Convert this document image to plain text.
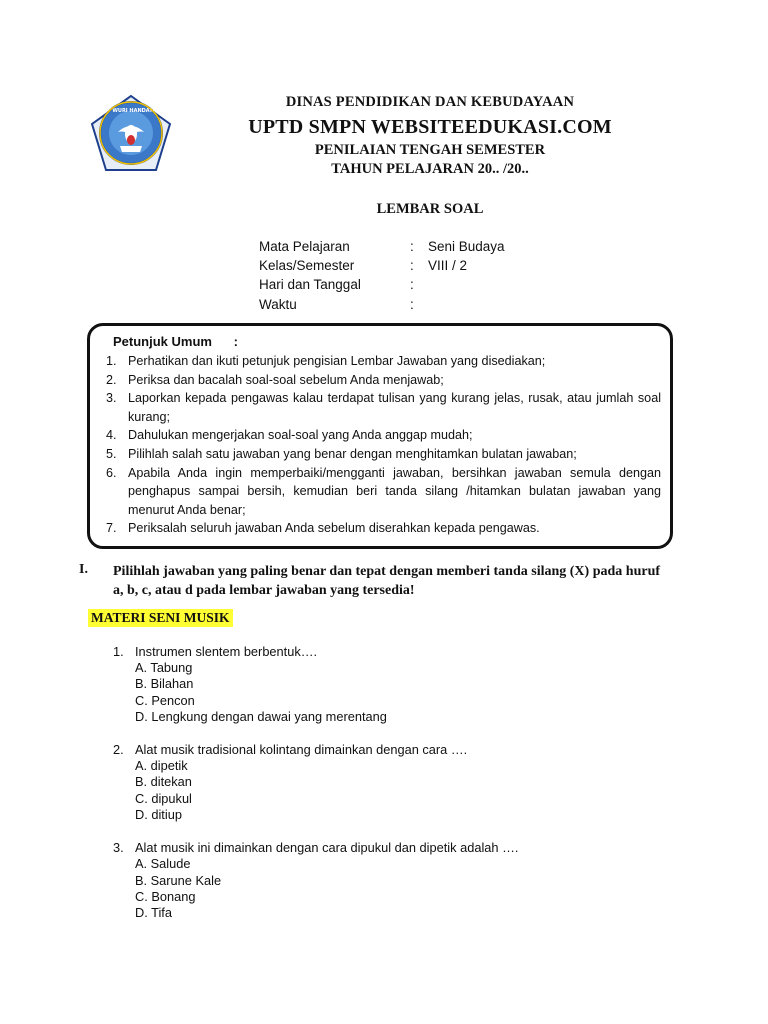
TUT WURI HANDAYANI
DINAS PENDIDIKAN DAN KEBUDAYAAN
UPTD SMPN WEBSITEEDUKASI.COM
PENILAIAN TENGAH SEMESTER
TAHUN PELAJARAN 20.. /20..
LEMBAR SOAL
Mata Pelajaran	: Seni Budaya
Kelas/Semester	: VIII / 2
Hari dan Tanggal	:
Waktu	:
Petunjuk Umum      :
1. Perhatikan dan ikuti petunjuk pengisian Lembar Jawaban yang disediakan;
2. Periksa dan bacalah soal-soal sebelum Anda menjawab;
3. Laporkan kepada pengawas kalau terdapat tulisan yang kurang jelas, rusak, atau jumlah soal kurang;
4. Dahulukan mengerjakan soal-soal yang Anda anggap mudah;
5. Pilihlah salah satu jawaban yang benar dengan menghitamkan bulatan jawaban;
6. Apabila Anda ingin memperbaiki/mengganti jawaban, bersihkan jawaban semula dengan penghapus sampai bersih, kemudian beri tanda silang /hitamkan bulatan jawaban yang menurut Anda benar;
7. Periksalah seluruh jawaban Anda sebelum diserahkan kepada pengawas.
I. Pilihlah jawaban yang paling benar dan tepat dengan memberi tanda silang (X) pada huruf a, b, c, atau d pada lembar jawaban yang tersedia!
MATERI SENI MUSIK
1. Instrumen slentem berbentuk….
A. Tabung
B. Bilahan
C. Pencon
D. Lengkung dengan dawai yang merentang
2. Alat musik tradisional kolintang dimainkan dengan cara ….
A. dipetik
B. ditekan
C. dipukul
D. ditiup
3. Alat musik ini dimainkan dengan cara dipukul dan dipetik adalah ….
A. Salude
B. Sarune Kale
C. Bonang
D. Tifa
